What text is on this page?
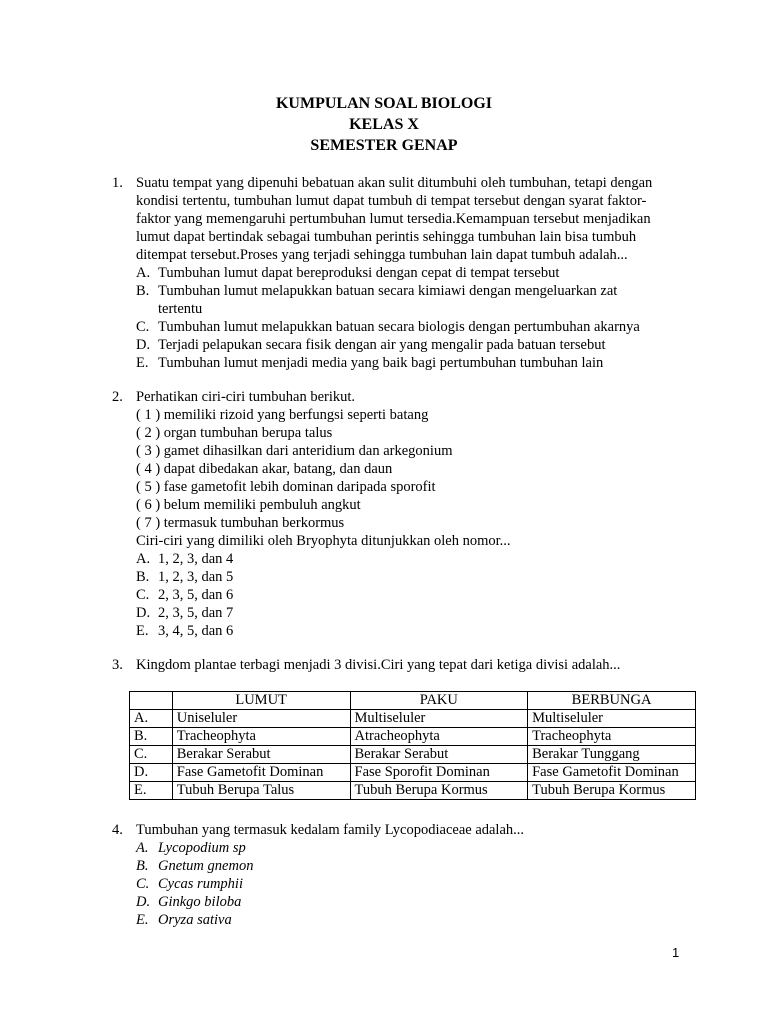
KUMPULAN SOAL BIOLOGI
KELAS X
SEMESTER GENAP
1. Suatu tempat yang dipenuhi bebatuan akan sulit ditumbuhi oleh tumbuhan, tetapi dengan
kondisi tertentu, tumbuhan lumut dapat tumbuh di tempat tersebut dengan syarat faktor-
faktor yang memengaruhi pertumbuhan lumut tersedia.Kemampuan tersebut menjadikan
lumut dapat bertindak sebagai tumbuhan perintis sehingga tumbuhan lain bisa tumbuh
ditempat tersebut.Proses yang terjadi sehingga tumbuhan lain dapat tumbuh adalah...
A. Tumbuhan lumut dapat bereproduksi dengan cepat di tempat tersebut
B. Tumbuhan lumut melapukkan batuan secara kimiawi dengan mengeluarkan zat
tertentu
C. Tumbuhan lumut melapukkan batuan secara biologis dengan pertumbuhan akarnya
D. Terjadi pelapukan secara fisik dengan air yang mengalir pada batuan tersebut
E. Tumbuhan lumut menjadi media yang baik bagi pertumbuhan tumbuhan lain
2. Perhatikan ciri-ciri tumbuhan berikut.
( 1 ) memiliki rizoid yang berfungsi seperti batang
( 2 ) organ tumbuhan berupa talus
( 3 ) gamet dihasilkan dari anteridium dan arkegonium
( 4 ) dapat dibedakan akar, batang, dan daun
( 5 ) fase gametofit lebih dominan daripada sporofit
( 6 ) belum memiliki pembuluh angkut
( 7 ) termasuk tumbuhan berkormus
Ciri-ciri yang dimiliki oleh Bryophyta ditunjukkan oleh nomor...
A. 1, 2, 3, dan 4
B. 1, 2, 3, dan 5
C. 2, 3, 5, dan 6
D. 2, 3, 5, dan 7
E. 3, 4, 5, dan 6
3. Kingdom plantae terbagi menjadi 3 divisi.Ciri yang tepat dari ketiga divisi adalah...
	LUMUT	PAKU	BERBUNGA
A.	Uniseluler	Multiseluler	Multiseluler
B.	Tracheophyta	Atracheophyta	Tracheophyta
C.	Berakar Serabut	Berakar Serabut	Berakar Tunggang
D.	Fase Gametofit Dominan	Fase Sporofit Dominan	Fase Gametofit Dominan
E.	Tubuh Berupa Talus	Tubuh Berupa Kormus	Tubuh Berupa Kormus
4. Tumbuhan yang termasuk kedalam family Lycopodiaceae adalah...
A. Lycopodium sp
B. Gnetum gnemon
C. Cycas rumphii
D. Ginkgo biloba
E. Oryza sativa
1
